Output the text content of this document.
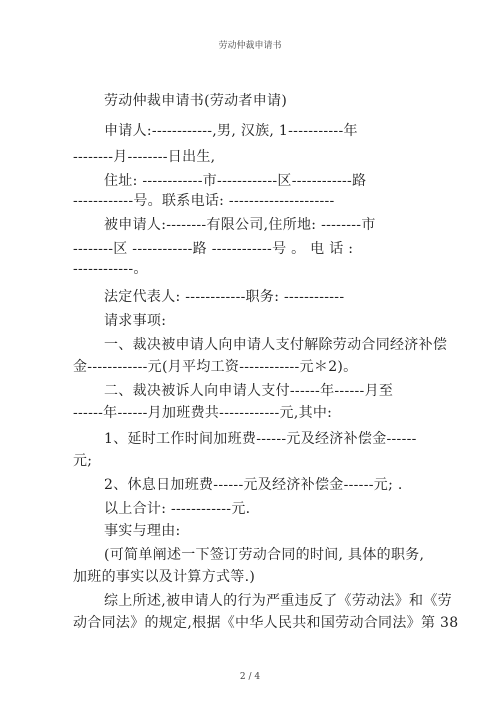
劳动仲裁申请书
劳动仲裁申请书(劳动者申请)
申请人:------------,男, 汉族, 1-----------年
--------月--------日出生,
住址: ------------市------------区------------路
------------号。联系电话: ---------------------
被申请人:--------有限公司,住所地: --------市
--------区 ------------路 ------------号 。 电 话 :
------------。
法定代表人: ------------职务: ------------
请求事项:
一、裁决被申请人向申请人支付解除劳动合同经济补偿
金------------元(月平均工资------------元＊2)。
二、裁决被诉人向申请人支付------年------月至
------年------月加班费共------------元,其中:
1、延时工作时间加班费------元及经济补偿金------
元;
2、休息日加班费------元及经济补偿金------元; .
以上合计: ------------元.
事实与理由:
(可简单阐述一下签订劳动合同的时间, 具体的职务,
加班的事实以及计算方式等.)
综上所述,被申请人的行为严重违反了《劳动法》和《劳
动合同法》的规定,根据《中华人民共和国劳动合同法》第 38
2 / 4
